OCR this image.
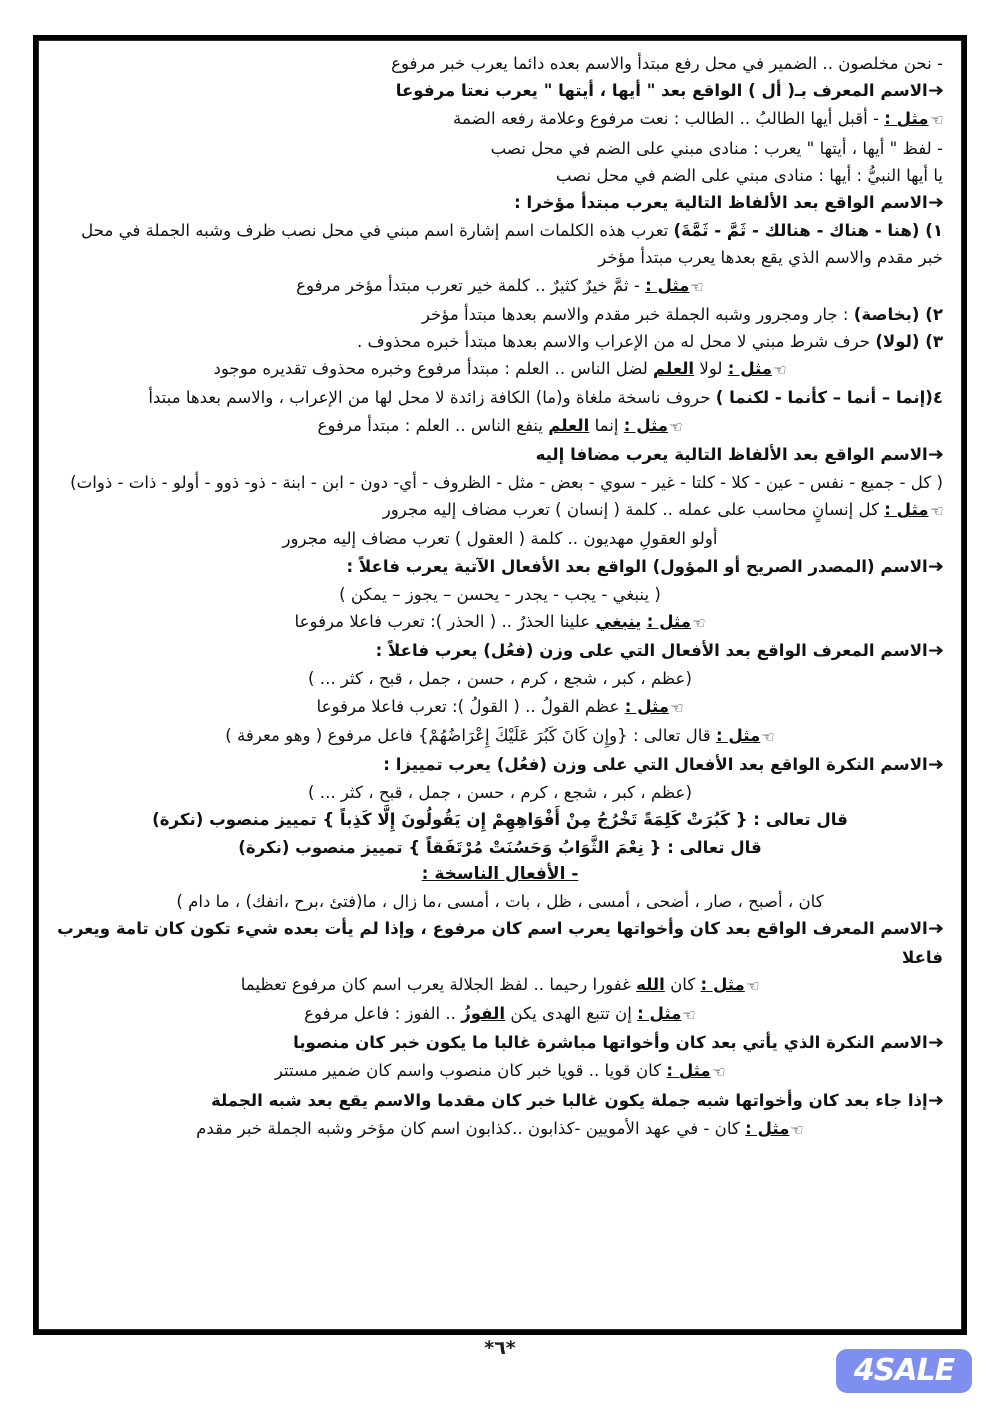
- نحن مخلصون .. الضمير في محل رفع مبتدأ والاسم بعده دائما يعرب خبر مرفوع
➜الاسم المعرف بـ( أل ) الواقع بعد " أيها ، أيتها " يعرب نعتا مرفوعا
☞مثل : - أقبل أيها الطالبُ .. الطالب : نعت مرفوع وعلامة رفعه الضمة
- لفظ " أيها ، أيتها " يعرب : منادى مبني على الضم في محل نصب
يا أيها النبيُّ : أيها : منادى مبني على الضم في محل نصب
➜الاسم الواقع بعد الألفاظ التالية يعرب مبتدأ مؤخرا :
١) (هنا - هناك - هنالك - ثَمَّ - ثَمَّةَ) تعرب هذه الكلمات اسم إشارة اسم مبني في محل نصب ظرف وشبه الجملة في محل خبر مقدم والاسم الذي يقع بعدها يعرب مبتدأ مؤخر
☞مثل : - ثمَّ خيرٌ كثيرٌ .. كلمة خير تعرب مبتدأ مؤخر مرفوع
٢) (بخاصة) : جار ومجرور وشبه الجملة خبر مقدم والاسم بعدها مبتدأ مؤخر
٣) (لولا) حرف شرط مبني لا محل له من الإعراب والاسم بعدها مبتدأ خبره محذوف .
☞مثل : لولا العلم لضل الناس .. العلم : مبتدأ مرفوع وخبره محذوف تقديره موجود
٤(إنما – أنما – كأنما - لكنما ) حروف ناسخة ملغاة و(ما) الكافة زائدة لا محل لها من الإعراب ، والاسم بعدها مبتدأ
☞مثل : إنما العلم ينفع الناس .. العلم : مبتدأ مرفوع
➜الاسم الواقع بعد الألفاظ التالية يعرب مضافا إليه
( كل - جميع - نفس - عين - كلا - كلتا - غير - سوي - بعض - مثل - الظروف - أي- دون - ابن - ابنة - ذو- ذوو - أولو - ذات - ذوات)
☞مثل : كل إنسانٍ محاسب على عمله .. كلمة ( إنسان ) تعرب مضاف إليه مجرور
أولو العقولِ مهديون .. كلمة ( العقول ) تعرب مضاف إليه مجرور
➜الاسم (المصدر الصريح أو المؤول) الواقع بعد الأفعال الآتية يعرب فاعلاً :
( ينبغي - يجب - يجدر - يحسن – يجوز – يمكن )
☞مثل : ينبغي علينا الحذرُ .. ( الحذر ): تعرب فاعلا مرفوعا
➜الاسم المعرف الواقع بعد الأفعال التي على وزن (فعُل) يعرب فاعلاً :
(عظم ، كبر ، شجع ، كرم ، حسن ، جمل ، قبح ، كثر ... )
☞مثل : عظم القولُ .. ( القولُ ): تعرب فاعلا مرفوعا
☞مثل : قال تعالى : {وإِن كَانَ كَبُرَ عَلَيْكَ إِعْرَاضُهُمْ} فاعل مرفوع ( وهو معرفة )
➜الاسم النكرة الواقع بعد الأفعال التي على وزن (فعُل) يعرب تمييزا :
(عظم ، كبر ، شجع ، كرم ، حسن ، جمل ، قبح ، كثر ... )
قال تعالى : { كَبُرَتْ كَلِمَةً تَخْرُجُ مِنْ أَفْوَاهِهِمْ إِن يَقُولُونَ إِلَّا كَذِباً } تمييز منصوب (نكرة)
قال تعالى : { نِعْمَ الثَّوَابُ وَحَسُنَتْ مُرْتَفَقاً } تمييز منصوب (نكرة)
- الأفعال الناسخة :
كان ، أصبح ، صار ، أضحى ، أمسى ، ظل ، بات ، أمسى ،ما زال ، ما(فتئ ،برح ،انفك) ، ما دام )
➜الاسم المعرف الواقع بعد كان وأخواتها يعرب اسم كان مرفوع ، وإذا لم يأت بعده شيء تكون كان تامة ويعرب فاعلا
☞مثل : كان الله غفورا رحيما .. لفظ الجلالة يعرب اسم كان مرفوع تعظيما
☞مثل : إن تتبع الهدى يكن الفوزُ .. الفوز : فاعل مرفوع
➜الاسم النكرة الذي يأتي بعد كان وأخواتها مباشرة غالبا ما يكون خبر كان منصوبا
☞مثل : كان قويا .. قويا خبر كان منصوب واسم كان ضمير مستتر
➜إذا جاء بعد كان وأخواتها شبه جملة يكون غالبا خبر كان مقدما والاسم يقع بعد شبه الجملة
☞مثل : كان - في عهد الأمويين -كذابون ..كذابون اسم كان مؤخر وشبه الجملة خبر مقدم
*٦*
4SALE
